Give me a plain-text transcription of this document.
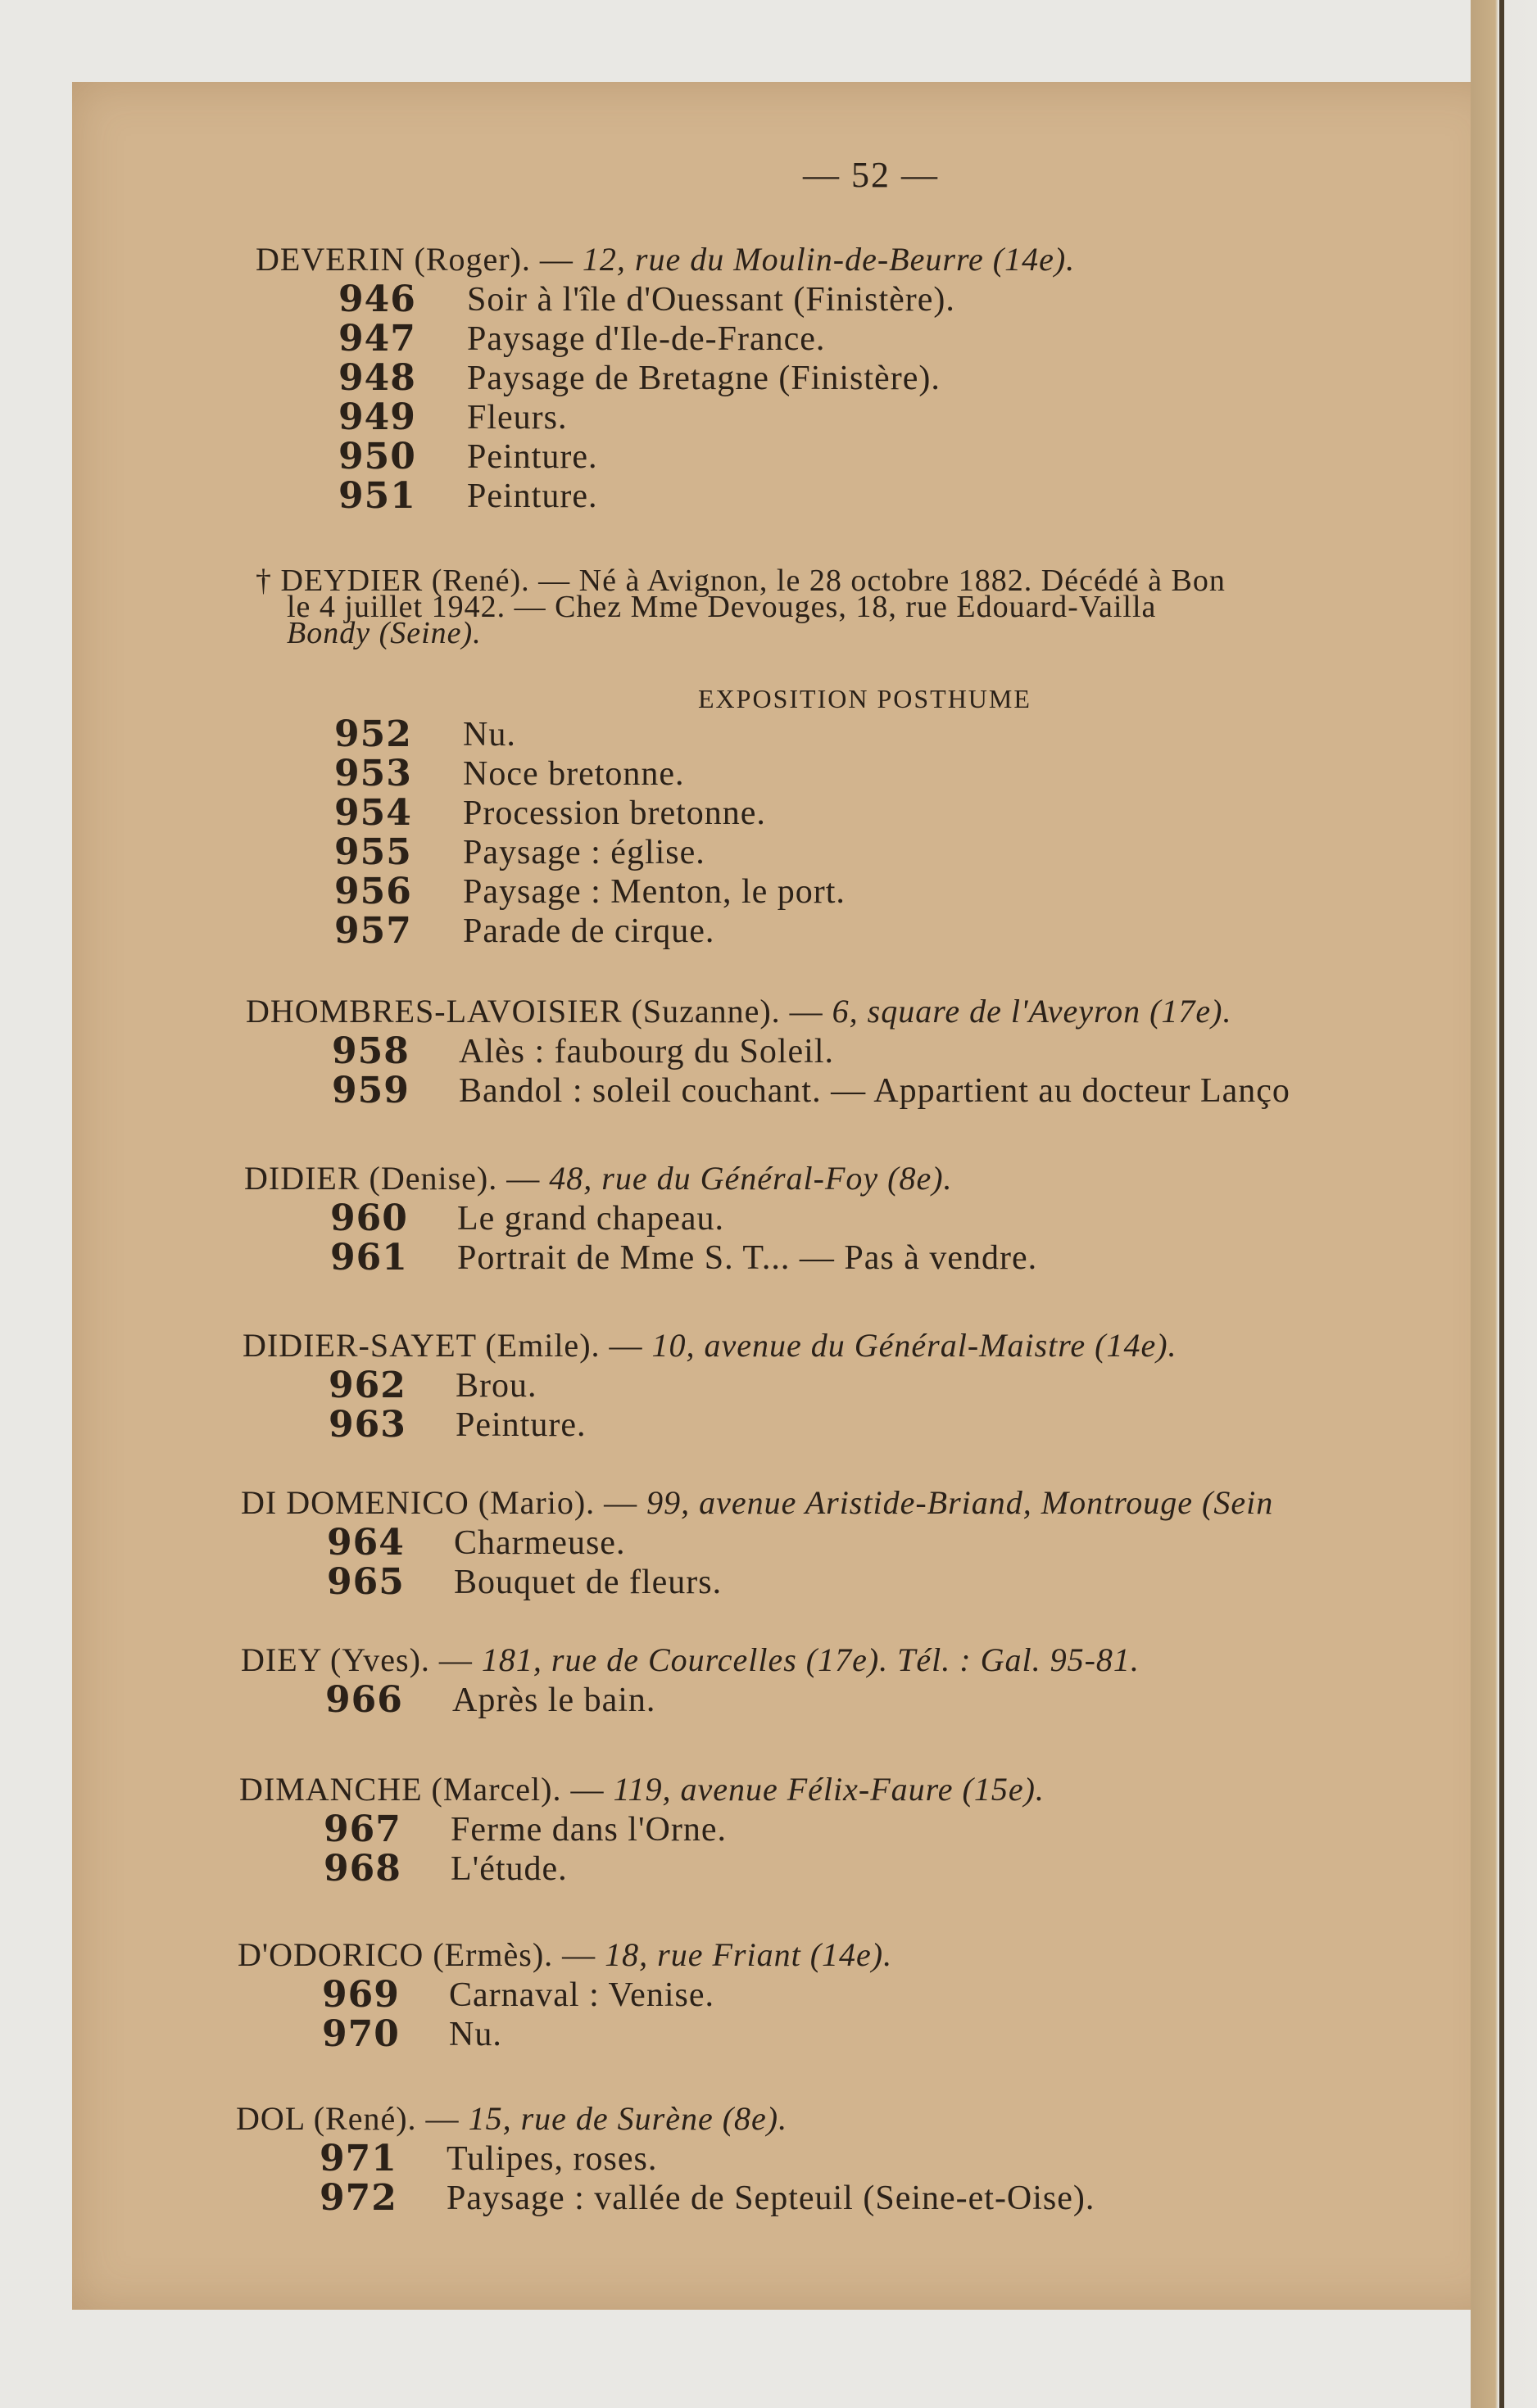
— 52 —
DEVERIN (Roger). — 12, rue du Moulin-de-Beurre (14e).
946 Soir à l'île d'Ouessant (Finistère).
947 Paysage d'Ile-de-France.
948 Paysage de Bretagne (Finistère).
949 Fleurs.
950 Peinture.
951 Peinture.
† DEYDIER (René). — Né à Avignon, le 28 octobre 1882. Décédé à Bon
le 4 juillet 1942. — Chez Mme Devouges, 18, rue Edouard-Vailla
Bondy (Seine).
EXPOSITION POSTHUME
952 Nu.
953 Noce bretonne.
954 Procession bretonne.
955 Paysage : église.
956 Paysage : Menton, le port.
957 Parade de cirque.
DHOMBRES-LAVOISIER (Suzanne). — 6, square de l'Aveyron (17e).
958 Alès : faubourg du Soleil.
959 Bandol : soleil couchant. — Appartient au docteur Lanço
DIDIER (Denise). — 48, rue du Général-Foy (8e).
960 Le grand chapeau.
961 Portrait de Mme S. T... — Pas à vendre.
DIDIER-SAYET (Emile). — 10, avenue du Général-Maistre (14e).
962 Brou.
963 Peinture.
DI DOMENICO (Mario). — 99, avenue Aristide-Briand, Montrouge (Sein
964 Charmeuse.
965 Bouquet de fleurs.
DIEY (Yves). — 181, rue de Courcelles (17e). Tél. : Gal. 95-81.
966 Après le bain.
DIMANCHE (Marcel). — 119, avenue Félix-Faure (15e).
967 Ferme dans l'Orne.
968 L'étude.
D'ODORICO (Ermès). — 18, rue Friant (14e).
969 Carnaval : Venise.
970 Nu.
DOL (René). — 15, rue de Surène (8e).
971 Tulipes, roses.
972 Paysage : vallée de Septeuil (Seine-et-Oise).
